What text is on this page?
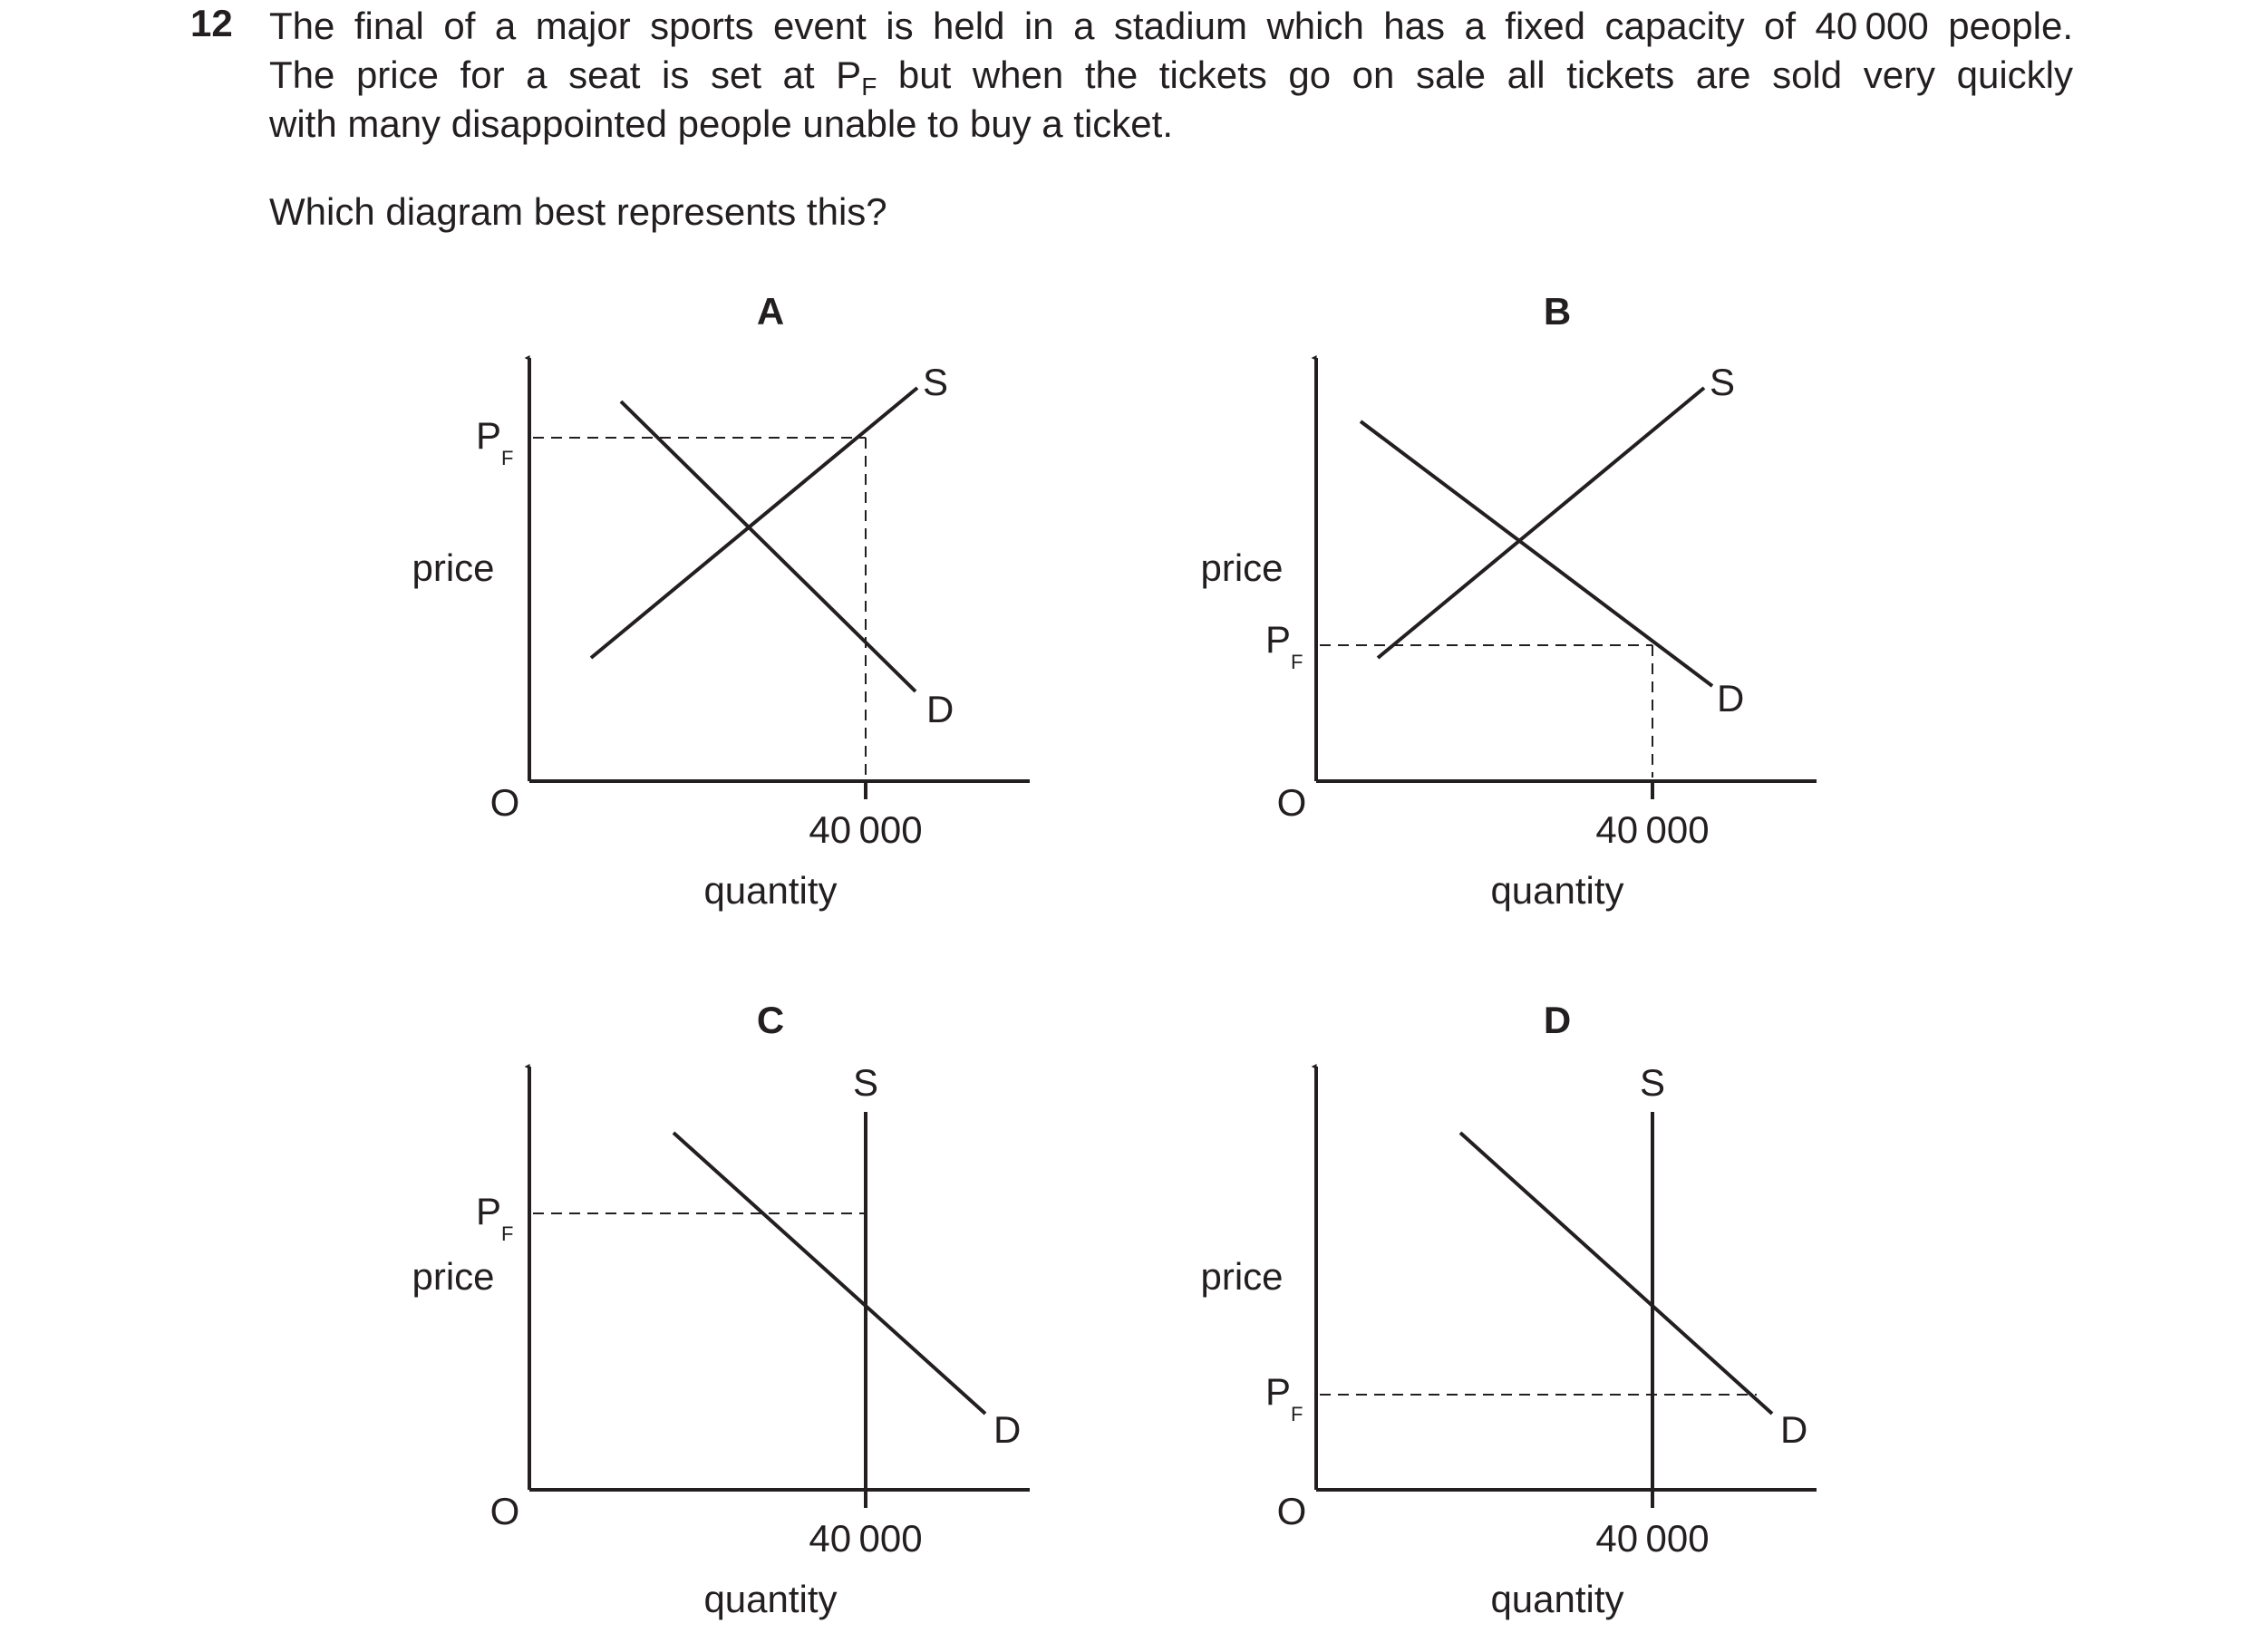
12 The final of a major sports event is held in a stadium which has a fixed capacity of 40 000 people.
The price for a seat is set at PF but when the tickets go on sale all tickets are sold very quickly
with many disappointed people unable to buy a ticket.
Which diagram best represents this?
A
O
40 000
quantity
S
D
price
$P_F$
B
O
40 000
quantity
S
D
price
$P_F$
C
O
40 000
quantity
S
D
price
$P_F$
D
O
40 000
quantity
S
D
price
$P_F$
